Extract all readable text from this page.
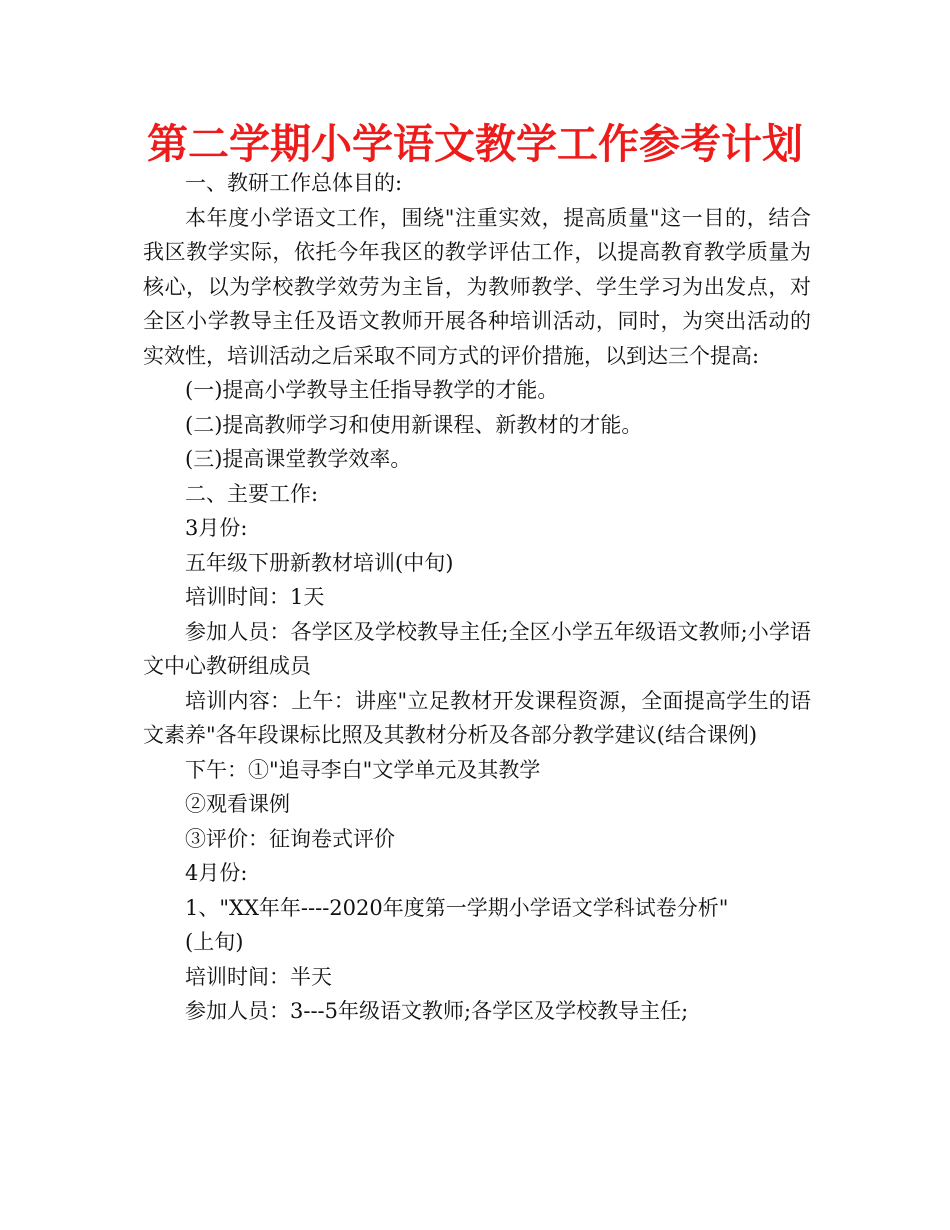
第二学期小学语文教学工作参考计划

一、教研工作总体目的:

本年度小学语文工作，围绕"注重实效，提高质量"这一目的，结合我区教学实际，依托今年我区的教学评估工作，以提高教育教学质量为核心，以为学校教学效劳为主旨，为教师教学、学生学习为出发点，对全区小学教导主任及语文教师开展各种培训活动，同时，为突出活动的实效性，培训活动之后采取不同方式的评价措施，以到达三个提高:

(一)提高小学教导主任指导教学的才能。

(二)提高教师学习和使用新课程、新教材的才能。

(三)提高课堂教学效率。

二、主要工作:

3月份:

五年级下册新教材培训(中旬)

培训时间：1天

参加人员：各学区及学校教导主任;全区小学五年级语文教师;小学语文中心教研组成员

培训内容：上午：讲座"立足教材开发课程资源，全面提高学生的语文素养"各年段课标比照及其教材分析及各部分教学建议(结合课例)

下午：①"追寻李白"文学单元及其教学

②观看课例

③评价：征询卷式评价

4月份:

1、"XX年年----2020年度第一学期小学语文学科试卷分析"

(上旬)

培训时间：半天

参加人员：3---5年级语文教师;各学区及学校教导主任;
